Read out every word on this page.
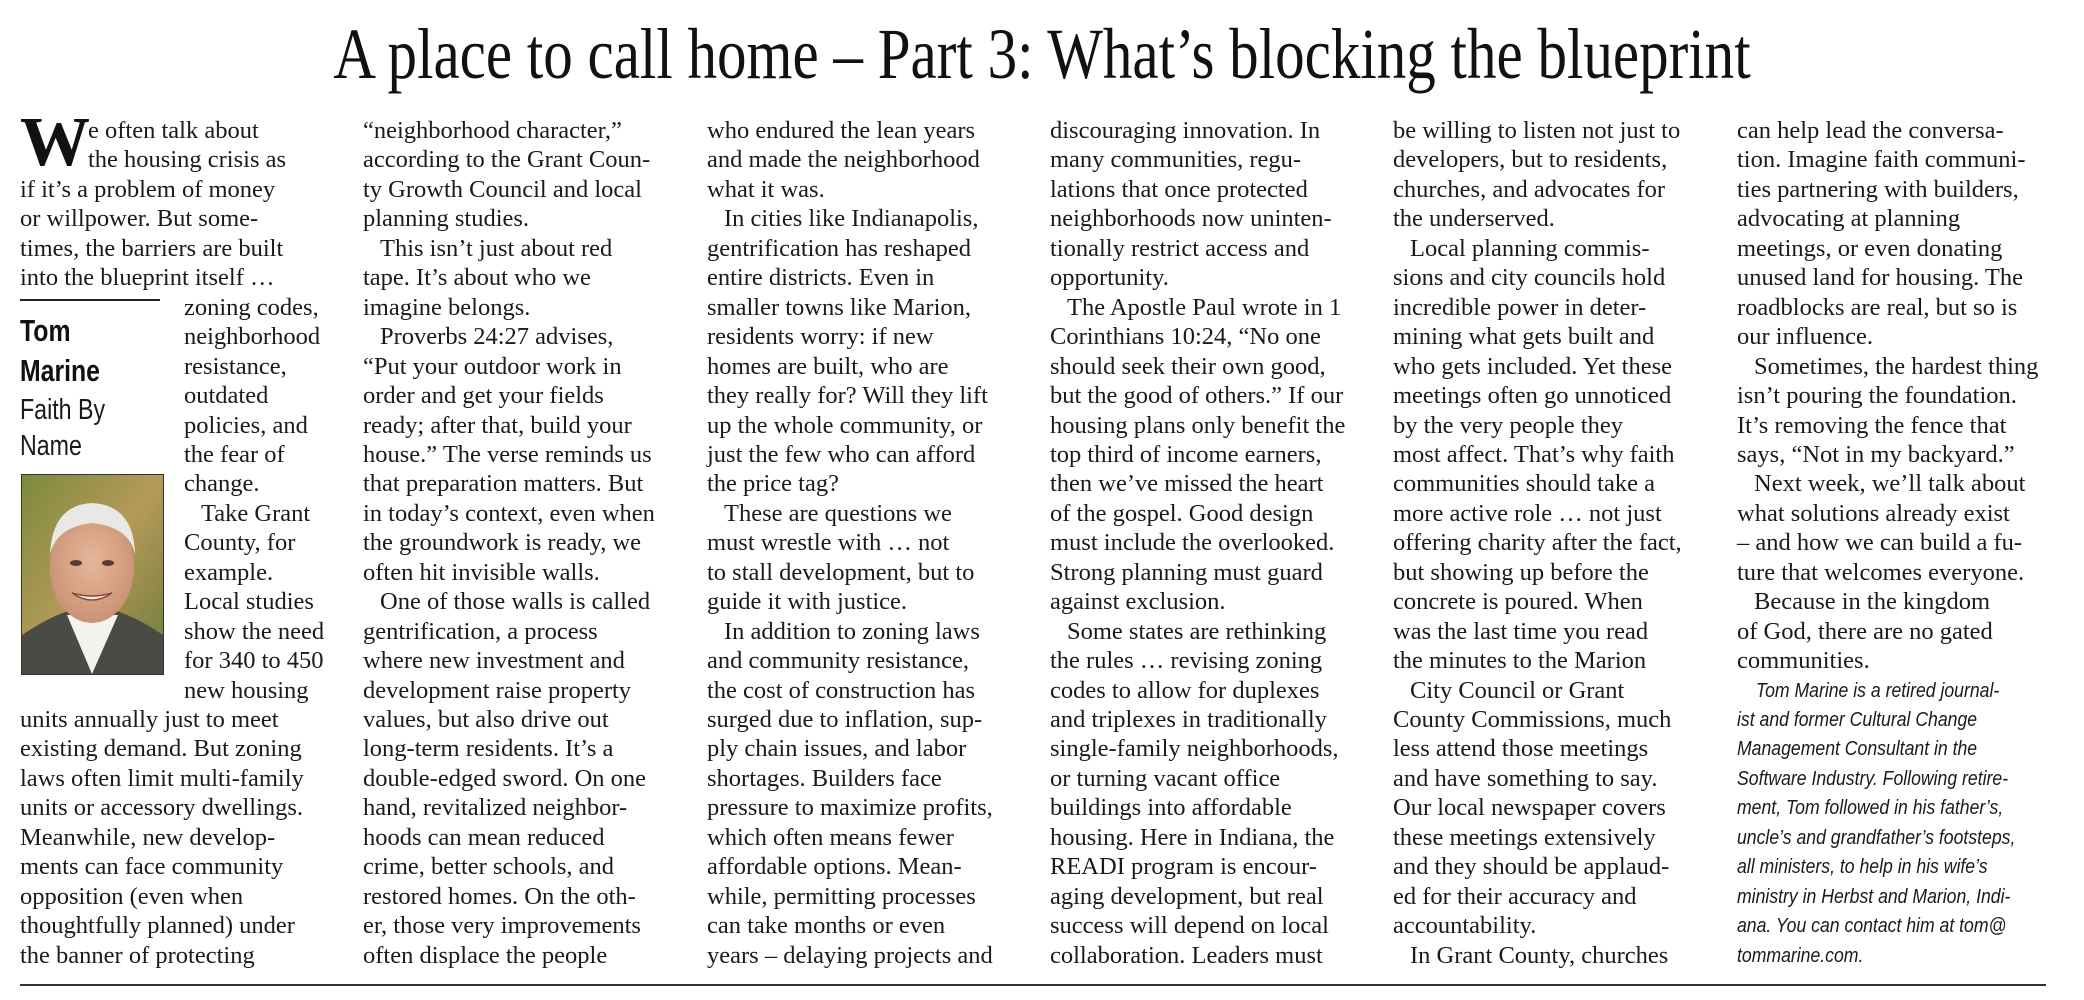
A place to call home – Part 3: What’s blocking the blueprint
W
Tom
Marine
Faith By
Name
e often talk about
the housing crisis as
if it’s a problem of money
or willpower. But some-
times, the barriers are built
into the blueprint itself …
zoning codes,
neighborhood
resistance,
outdated
policies, and
the fear of
change.
Take Grant
County, for
example.
Local studies
show the need
for 340 to 450
new housing
units annually just to meet
existing demand. But zoning
laws often limit multi-family
units or accessory dwellings.
Meanwhile, new develop-
ments can face community
opposition (even when
thoughtfully planned) under
the banner of protecting
“neighborhood character,”
according to the Grant Coun-
ty Growth Council and local
planning studies.
This isn’t just about red
tape. It’s about who we
imagine belongs.
Proverbs 24:27 advises,
“Put your outdoor work in
order and get your fields
ready; after that, build your
house.” The verse reminds us
that preparation matters. But
in today’s context, even when
the groundwork is ready, we
often hit invisible walls.
One of those walls is called
gentrification, a process
where new investment and
development raise property
values, but also drive out
long-term residents. It’s a
double-edged sword. On one
hand, revitalized neighbor-
hoods can mean reduced
crime, better schools, and
restored homes. On the oth-
er, those very improvements
often displace the people
who endured the lean years
and made the neighborhood
what it was.
In cities like Indianapolis,
gentrification has reshaped
entire districts. Even in
smaller towns like Marion,
residents worry: if new
homes are built, who are
they really for? Will they lift
up the whole community, or
just the few who can afford
the price tag?
These are questions we
must wrestle with … not
to stall development, but to
guide it with justice.
In addition to zoning laws
and community resistance,
the cost of construction has
surged due to inflation, sup-
ply chain issues, and labor
shortages. Builders face
pressure to maximize profits,
which often means fewer
affordable options. Mean-
while, permitting processes
can take months or even
years – delaying projects and
discouraging innovation. In
many communities, regu-
lations that once protected
neighborhoods now uninten-
tionally restrict access and
opportunity.
The Apostle Paul wrote in 1
Corinthians 10:24, “No one
should seek their own good,
but the good of others.” If our
housing plans only benefit the
top third of income earners,
then we’ve missed the heart
of the gospel. Good design
must include the overlooked.
Strong planning must guard
against exclusion.
Some states are rethinking
the rules … revising zoning
codes to allow for duplexes
and triplexes in traditionally
single-family neighborhoods,
or turning vacant office
buildings into affordable
housing. Here in Indiana, the
READI program is encour-
aging development, but real
success will depend on local
collaboration. Leaders must
be willing to listen not just to
developers, but to residents,
churches, and advocates for
the underserved.
Local planning commis-
sions and city councils hold
incredible power in deter-
mining what gets built and
who gets included. Yet these
meetings often go unnoticed
by the very people they
most affect. That’s why faith
communities should take a
more active role … not just
offering charity after the fact,
but showing up before the
concrete is poured. When
was the last time you read
the minutes to the Marion
City Council or Grant
County Commissions, much
less attend those meetings
and have something to say.
Our local newspaper covers
these meetings extensively
and they should be applaud-
ed for their accuracy and
accountability.
In Grant County, churches
can help lead the conversa-
tion. Imagine faith communi-
ties partnering with builders,
advocating at planning
meetings, or even donating
unused land for housing. The
roadblocks are real, but so is
our influence.
Sometimes, the hardest thing
isn’t pouring the foundation.
It’s removing the fence that
says, “Not in my backyard.”
Next week, we’ll talk about
what solutions already exist
– and how we can build a fu-
ture that welcomes everyone.
Because in the kingdom
of God, there are no gated
communities.
Tom Marine is a retired journal-
ist and former Cultural Change
Management Consultant in the
Software Industry. Following retire-
ment, Tom followed in his father’s,
uncle’s and grandfather’s footsteps,
all ministers, to help in his wife’s
ministry in Herbst and Marion, Indi-
ana. You can contact him at tom@
tommarine.com.
